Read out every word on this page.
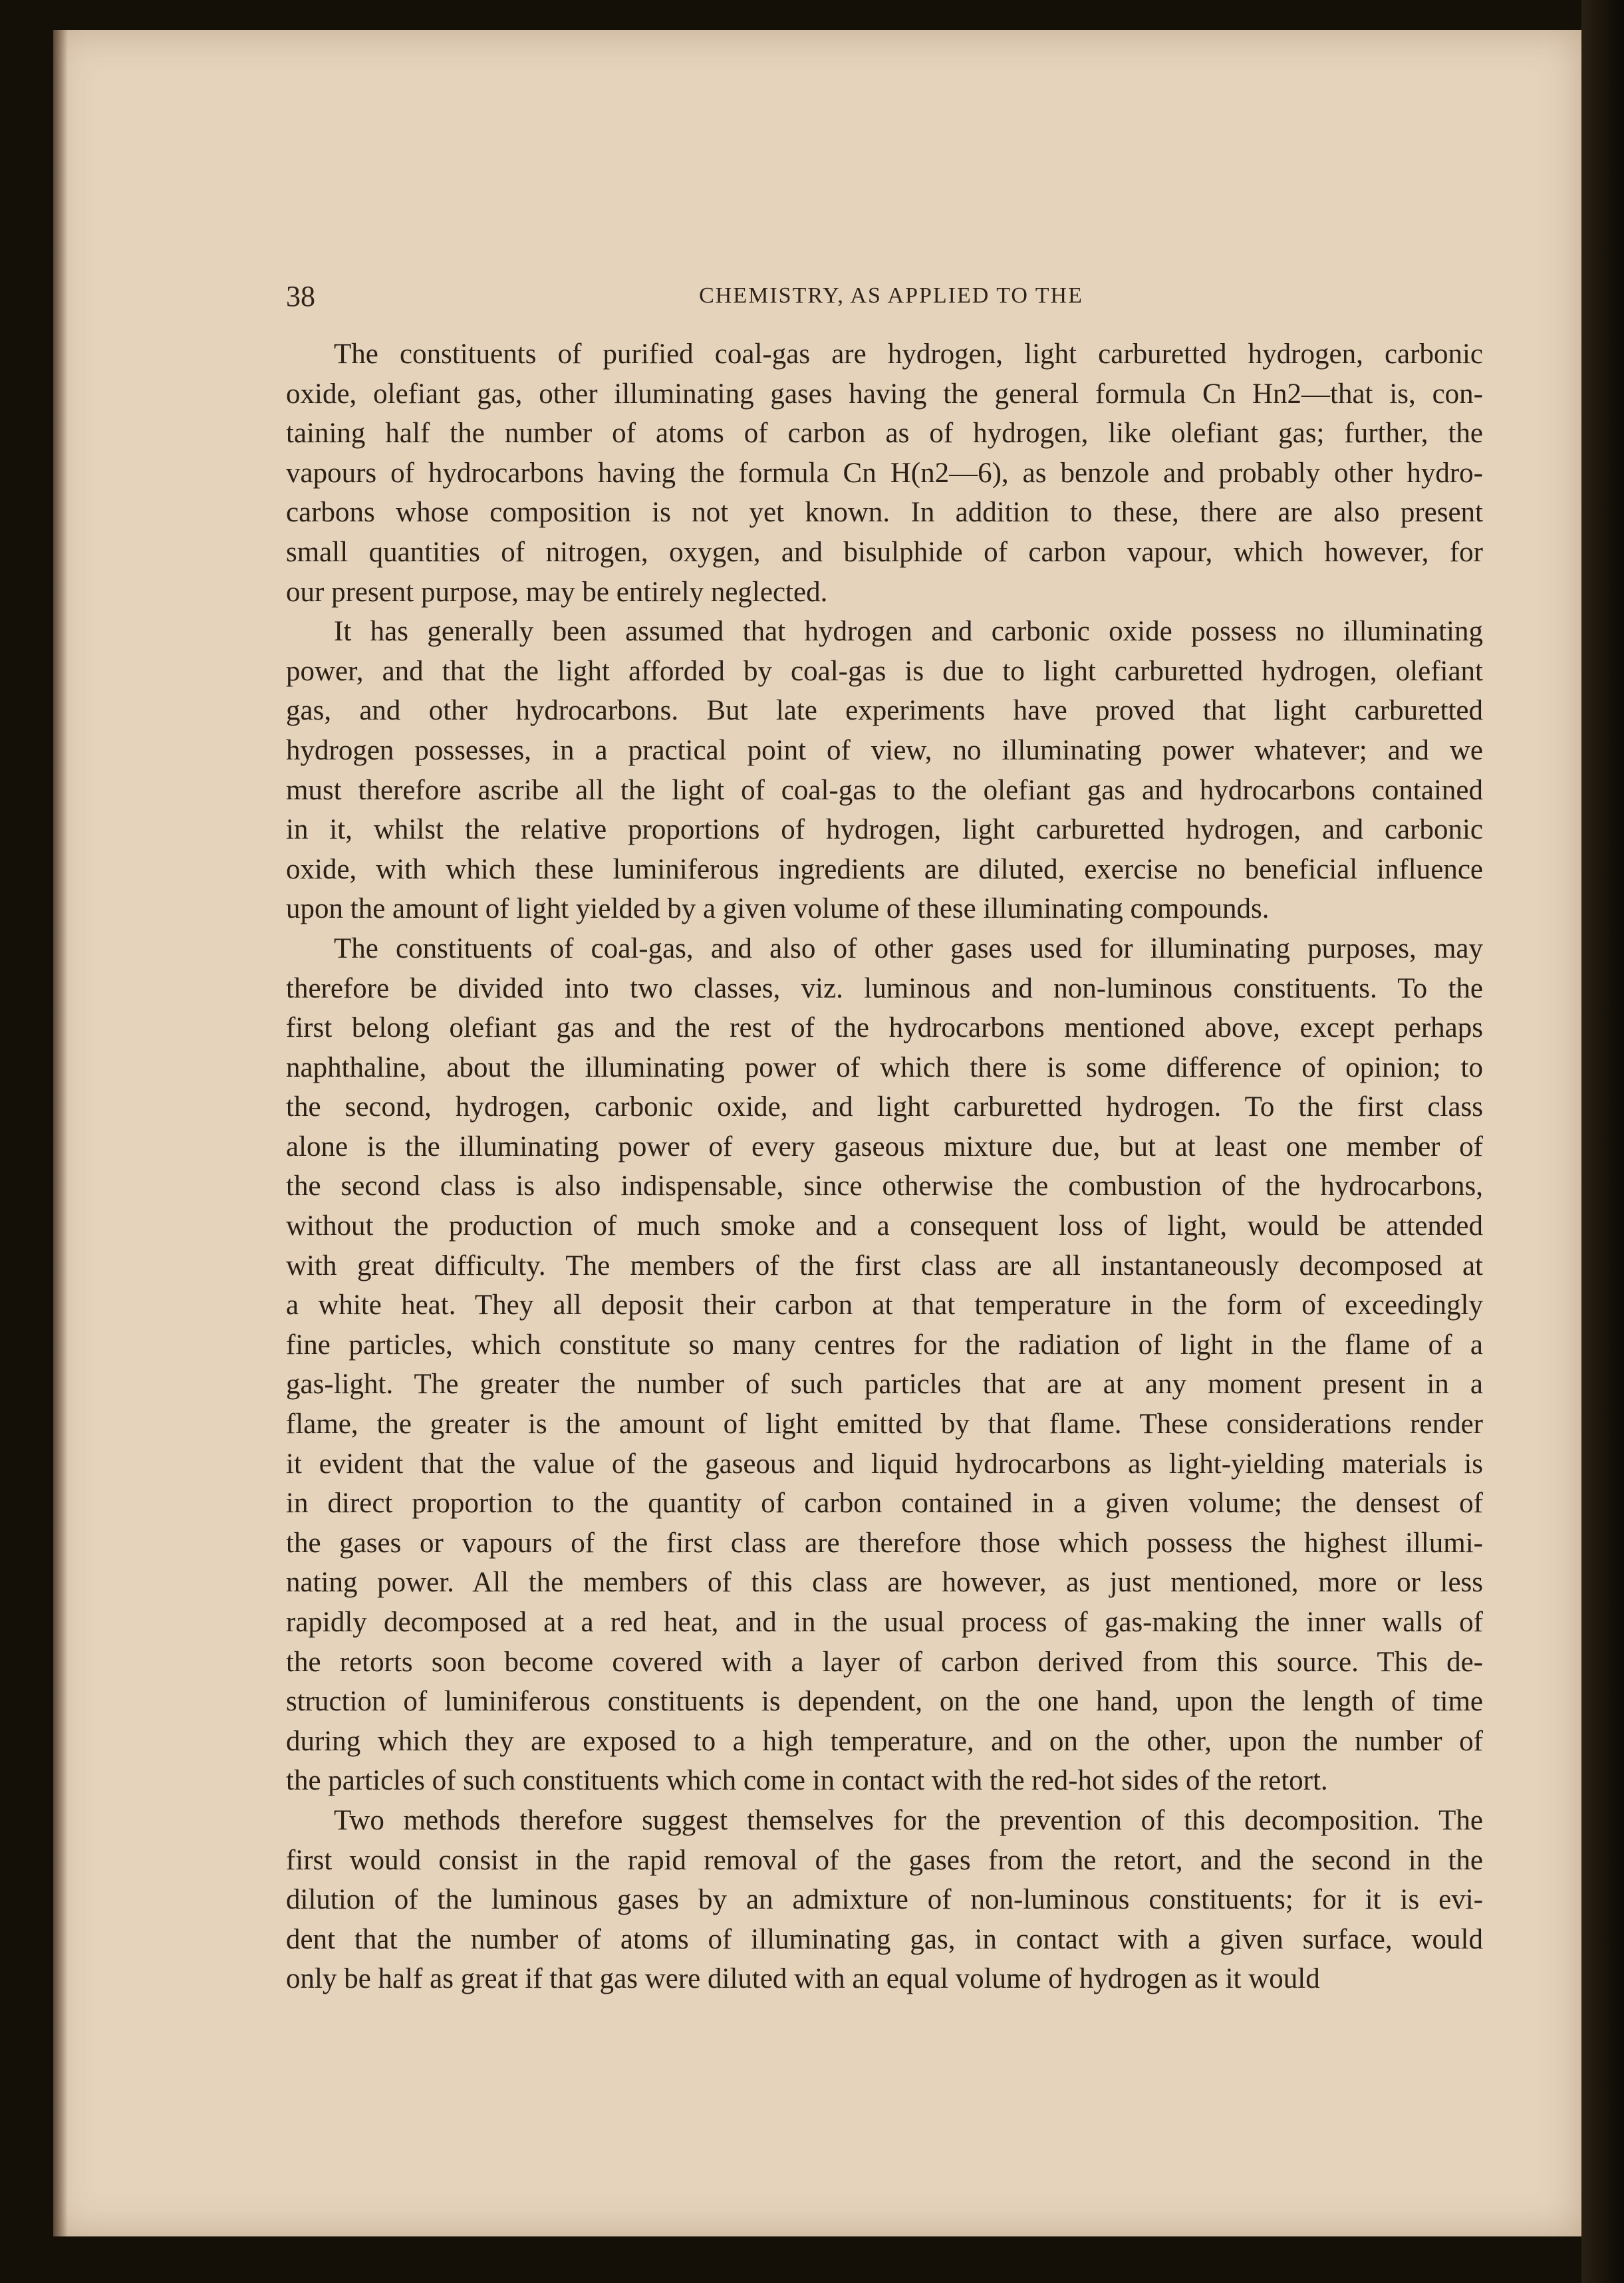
38	CHEMISTRY, AS APPLIED TO THE
The constituents of purified coal-gas are hydrogen, light carburetted hydrogen, carbonic
oxide, olefiant gas, other illuminating gases having the general formula Cn Hn2—that is, con-
taining half the number of atoms of carbon as of hydrogen, like olefiant gas; further, the
vapours of hydrocarbons having the formula Cn H(n2—6), as benzole and probably other hydro-
carbons whose composition is not yet known. In addition to these, there are also present
small quantities of nitrogen, oxygen, and bisulphide of carbon vapour, which however, for
our present purpose, may be entirely neglected.
It has generally been assumed that hydrogen and carbonic oxide possess no illuminating
power, and that the light afforded by coal-gas is due to light carburetted hydrogen, olefiant
gas, and other hydrocarbons. But late experiments have proved that light carburetted
hydrogen possesses, in a practical point of view, no illuminating power whatever; and we
must therefore ascribe all the light of coal-gas to the olefiant gas and hydrocarbons contained
in it, whilst the relative proportions of hydrogen, light carburetted hydrogen, and carbonic
oxide, with which these luminiferous ingredients are diluted, exercise no beneficial influence
upon the amount of light yielded by a given volume of these illuminating compounds.
The constituents of coal-gas, and also of other gases used for illuminating purposes, may
therefore be divided into two classes, viz. luminous and non-luminous constituents. To the
first belong olefiant gas and the rest of the hydrocarbons mentioned above, except perhaps
naphthaline, about the illuminating power of which there is some difference of opinion; to
the second, hydrogen, carbonic oxide, and light carburetted hydrogen. To the first class
alone is the illuminating power of every gaseous mixture due, but at least one member of
the second class is also indispensable, since otherwise the combustion of the hydrocarbons,
without the production of much smoke and a consequent loss of light, would be attended
with great difficulty. The members of the first class are all instantaneously decomposed at
a white heat. They all deposit their carbon at that temperature in the form of exceedingly
fine particles, which constitute so many centres for the radiation of light in the flame of a
gas-light. The greater the number of such particles that are at any moment present in a
flame, the greater is the amount of light emitted by that flame. These considerations render
it evident that the value of the gaseous and liquid hydrocarbons as light-yielding materials is
in direct proportion to the quantity of carbon contained in a given volume; the densest of
the gases or vapours of the first class are therefore those which possess the highest illumi-
nating power. All the members of this class are however, as just mentioned, more or less
rapidly decomposed at a red heat, and in the usual process of gas-making the inner walls of
the retorts soon become covered with a layer of carbon derived from this source. This de-
struction of luminiferous constituents is dependent, on the one hand, upon the length of time
during which they are exposed to a high temperature, and on the other, upon the number of
the particles of such constituents which come in contact with the red-hot sides of the retort.
Two methods therefore suggest themselves for the prevention of this decomposition. The
first would consist in the rapid removal of the gases from the retort, and the second in the
dilution of the luminous gases by an admixture of non-luminous constituents; for it is evi-
dent that the number of atoms of illuminating gas, in contact with a given surface, would
only be half as great if that gas were diluted with an equal volume of hydrogen as it would
